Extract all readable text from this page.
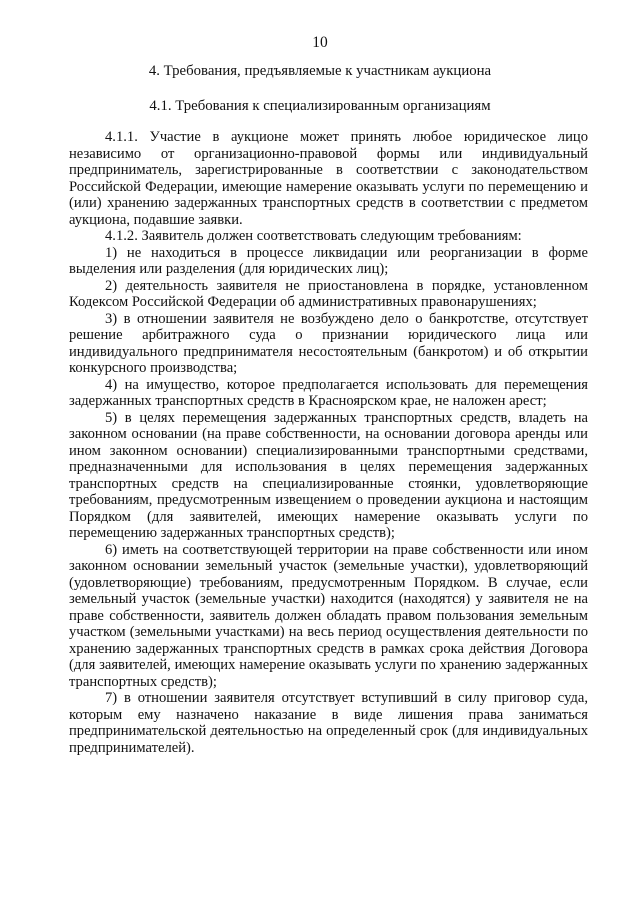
10
4. Требования, предъявляемые к участникам аукциона
4.1. Требования к специализированным организациям

4.1.1. Участие в аукционе может принять любое юридическое лицо независимо от организационно-правовой формы или индивидуальный предприниматель, зарегистрированные в соответствии с законодательством Российской Федерации, имеющие намерение оказывать услуги по перемещению и (или) хранению задержанных транспортных средств в соответствии с предметом аукциона, подавшие заявки.

4.1.2. Заявитель должен соответствовать следующим требованиям:

1) не находиться в процессе ликвидации или реорганизации в форме выделения или разделения (для юридических лиц);

2) деятельность заявителя не приостановлена в порядке, установленном Кодексом Российской Федерации об административных правонарушениях;

3) в отношении заявителя не возбуждено дело о банкротстве, отсутствует решение арбитражного суда о признании юридического лица или индивидуального предпринимателя несостоятельным (банкротом) и об открытии конкурсного производства;

4) на имущество, которое предполагается использовать для перемещения задержанных транспортных средств в Красноярском крае, не наложен арест;

5) в целях перемещения задержанных транспортных средств, владеть на законном основании (на праве собственности, на основании договора аренды или ином законном основании) специализированными транспортными средствами, предназначенными для использования в целях перемещения задержанных транспортных средств на специализированные стоянки, удовлетворяющие требованиям, предусмотренным извещением о проведении аукциона и настоящим Порядком (для заявителей, имеющих намерение оказывать услуги по перемещению задержанных транспортных средств);

6) иметь на соответствующей территории на праве собственности или ином законном основании земельный участок (земельные участки), удовлетворяющий (удовлетворяющие) требованиям, предусмотренным Порядком. В случае, если земельный участок (земельные участки) находится (находятся) у заявителя не на праве собственности, заявитель должен обладать правом пользования земельным участком (земельными участками) на весь период осуществления деятельности по хранению задержанных транспортных средств в рамках срока действия Договора (для заявителей, имеющих намерение оказывать услуги по хранению задержанных транспортных средств);

7) в отношении заявителя отсутствует вступивший в силу приговор суда, которым ему назначено наказание в виде лишения права заниматься предпринимательской деятельностью на определенный срок (для индивидуальных предпринимателей).
